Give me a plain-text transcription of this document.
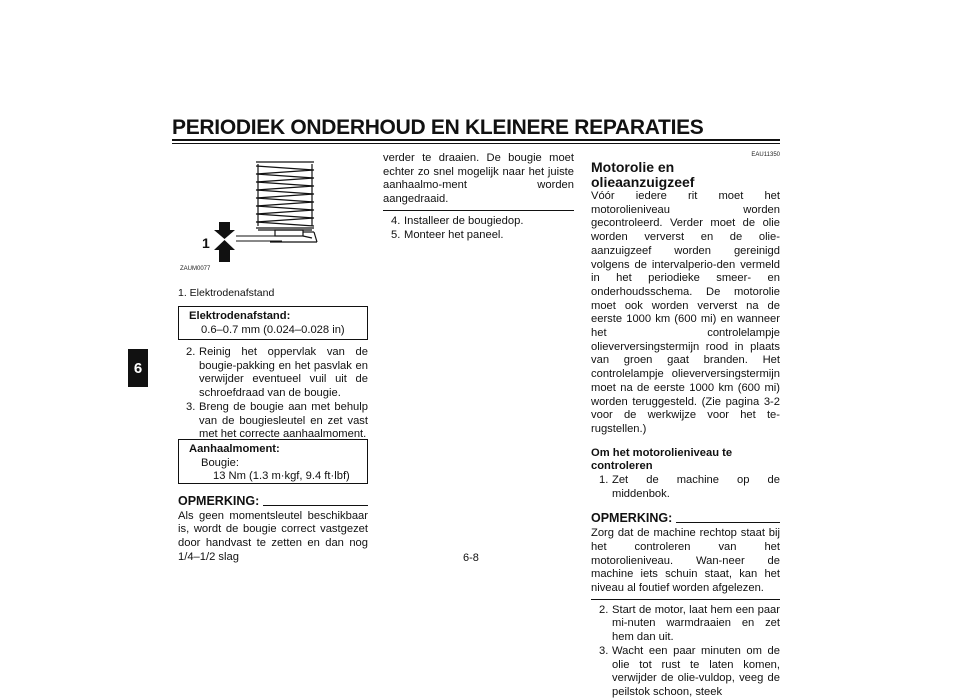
PERIODIEK ONDERHOUD EN KLEINERE REPARATIES
6
1
ZAUM0077
1. Elektrodenafstand
Elektrodenafstand:
0.6–0.7 mm (0.024–0.028 in)
2. Reinig het oppervlak van de bougie-pakking en het pasvlak en verwijder eventueel vuil uit de schroefdraad van de bougie.
3. Breng de bougie aan met behulp van de bougiesleutel en zet vast met het correcte aanhaalmoment.
Aanhaalmoment:
Bougie:
13 Nm (1.3 m·kgf, 9.4 ft·lbf)
OPMERKING:

Als geen momentsleutel beschikbaar is, wordt de bougie correct vastgezet door handvast te zetten en dan nog 1/4–1/2 slag

verder te draaien. De bougie moet echter zo snel mogelijk naar het juiste aanhaalmo-ment worden aangedraaid.

4. Installeer de bougiedop.
5. Monteer het paneel.
EAU11350
Motorolie en olieaanzuigzeef

Vóór iedere rit moet het motorolieniveau worden gecontroleerd. Verder moet de olie worden ververst en de olie-aanzuigzeef worden gereinigd volgens de intervalperio-den vermeld in het periodieke smeer- en onderhoudsschema. De motorolie moet ook worden ververst na de eerste 1000 km (600 mi) en wanneer het controlelampje olieverversingstermijn rood in plaats van groen gaat branden. Het controlelampje olieverversingstermijn moet na de eerste 1000 km (600 mi) worden teruggesteld. (Zie pagina 3-2 voor de werkwijze voor het te-rugstellen.)

Om het motorolieniveau te controleren
1. Zet de machine op de middenbok.
OPMERKING:

Zorg dat de machine rechtop staat bij het controleren van het motorolieniveau. Wan-neer de machine iets schuin staat, kan het niveau al foutief worden afgelezen.

2. Start de motor, laat hem een paar mi-nuten warmdraaien en zet hem dan uit.
3. Wacht een paar minuten om de olie tot rust te laten komen, verwijder de olie-vuldop, veeg de peilstok schoon, steek
6-8
